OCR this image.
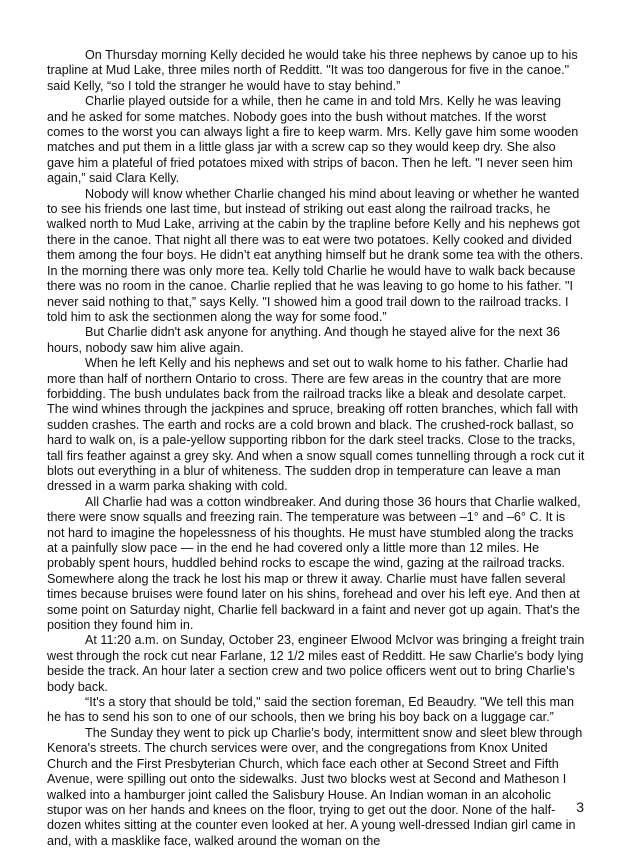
On Thursday morning Kelly decided he would take his three nephews by canoe up to his trapline at Mud Lake, three miles north of Redditt. "It was too dangerous for five in the canoe." said Kelly, “so I told the stranger he would have to stay behind.”

Charlie played outside for a while, then he came in and told Mrs. Kelly he was leaving and he asked for some matches. Nobody goes into the bush without matches. If the worst comes to the worst you can always light a fire to keep warm. Mrs. Kelly gave him some wooden matches and put them in a little glass jar with a screw cap so they would keep dry. She also gave him a plateful of fried potatoes mixed with strips of bacon. Then he left. "I never seen him again,” said Clara Kelly.

Nobody will know whether Charlie changed his mind about leaving or whether he wanted to see his friends one last time, but instead of striking out east along the railroad tracks, he walked north to Mud Lake, arriving at the cabin by the trapline before Kelly and his nephews got there in the canoe. That night all there was to eat were two potatoes. Kelly cooked and divided them among the four boys. He didn’t eat anything himself but he drank some tea with the others. In the morning there was only more tea. Kelly told Charlie he would have to walk back because there was no room in the canoe. Charlie replied that he was leaving to go home to his father. "I never said nothing to that,” says Kelly. "I showed him a good trail down to the railroad tracks. I told him to ask the sectionmen along the way for some food.”

But Charlie didn't ask anyone for anything. And though he stayed alive for the next 36 hours, nobody saw him alive again.

When he left Kelly and his nephews and set out to walk home to his father. Charlie had more than half of northern Ontario to cross. There are few areas in the country that are more forbidding. The bush undulates back from the railroad tracks like a bleak and desolate carpet. The wind whines through the jackpines and spruce, breaking off rotten branches, which fall with sudden crashes. The earth and rocks are a cold brown and black. The crushed-rock ballast, so hard to walk on, is a pale-yellow supporting ribbon for the dark steel tracks. Close to the tracks, tall firs feather against a grey sky. And when a snow squall comes tunnelling through a rock cut it blots out everything in a blur of whiteness. The sudden drop in temperature can leave a man dressed in a warm parka shaking with cold.

All Charlie had was a cotton windbreaker. And during those 36 hours that Charlie walked, there were snow squalls and freezing rain. The temperature was between –1° and –6° C. It is not hard to imagine the hopelessness of his thoughts. He must have stumbled along the tracks at a painfully slow pace — in the end he had covered only a little more than 12 miles. He probably spent hours, huddled behind rocks to escape the wind, gazing at the railroad tracks. Somewhere along the track he lost his map or threw it away. Charlie must have fallen several times because bruises were found later on his shins, forehead and over his left eye. And then at some point on Saturday night, Charlie fell backward in a faint and never got up again. That's the position they found him in.

At 11:20 a.m. on Sunday, October 23, engineer Elwood McIvor was bringing a freight train west through the rock cut near Farlane, 12 1/2 miles east of Redditt. He saw Charlie's body lying beside the track. An hour later a section crew and two police officers went out to bring Charlie's body back.

“It's a story that should be told," said the section foreman, Ed Beaudry. "We tell this man he has to send his son to one of our schools, then we bring his boy back on a luggage car.”

The Sunday they went to pick up Charlie’s body, intermittent snow and sleet blew through Kenora's streets. The church services were over, and the congregations from Knox United Church and the First Presbyterian Church, which face each other at Second Street and Fifth Avenue, were spilling out onto the sidewalks. Just two blocks west at Second and Matheson I walked into a hamburger joint called the Salisbury House. An Indian woman in an alcoholic stupor was on her hands and knees on the floor, trying to get out the door. None of the half-dozen whites sitting at the counter even looked at her. A young well-dressed Indian girl came in and, with a masklike face, walked around the woman on the

3
